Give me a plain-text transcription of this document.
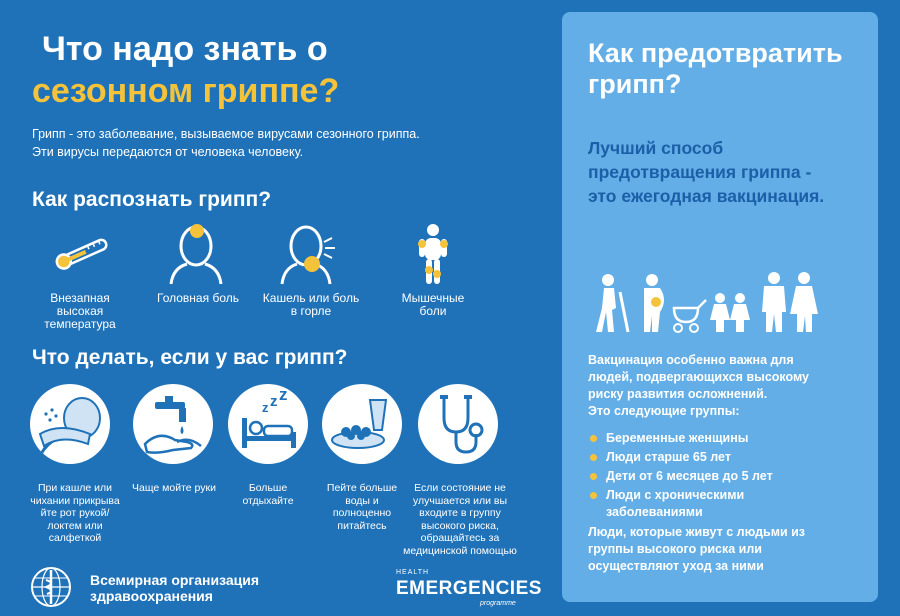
Что надо знать о
сезонном гриппе?
Грипп - это заболевание, вызываемое вирусами сезонного гриппа.
Эти вирусы передаются от человека человеку.
Как распознать грипп?
Внезапная
высокая
температура
Головная боль	Кашель или боль
в горле
Мышечные
боли
Что делать, если у вас грипп?
z z z
При кашле или
чихании прикрыва
йте рот рукой/
локтем или
салфеткой
Чаще мойте руки	Больше
отдыхайте
Пейте больше
воды и
полноценно
питайтесь
Если состояние не
улучшается или вы
входите в группу
высокого риска,
обращайтесь за
медицинской помощью
Всемирная организация
здравоохранения
HEALTH
EMERGENCIES
programme
Как предотвратить
грипп?
Лучший способ
предотвращения гриппа -
это ежегодная вакцинация.
Вакцинация особенно важна для
людей, подвергающихся высокому
риску развития осложнений.
Это следующие группы:
Беременные женщины
Люди старше 65 лет
Дети от 6 месяцев до 5 лет
Люди с хроническими
заболеваниями
Люди, которые живут с людьми из
группы высокого риска или
осуществляют уход за ними
